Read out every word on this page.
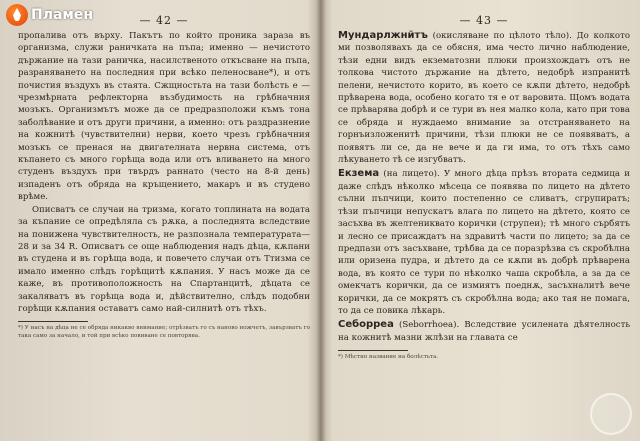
— 42 —

пропалива отъ върху. Пакътъ по който проника зараза въ организма, служи раничката на пъпа; именно — нечистото държание на тази раничка, насилственото откъсване на пъпа, разраняването на последния при всѣко пеленосване*), и отъ почистия въздухъ въ стаята. Сжщностьта на тази болѣсть е — чрезмѣрната рефлекторна възбудимость на грѣбначния мозъкъ. Организмътъ може да се предразположи къмъ тона заболѣвание и отъ други причини, а именно: отъ раздразнение на кожнитѣ (чувствителни) нерви, което чрезъ грѣбначния мозъкъ се пренася на двигателната нервна система, отъ къпането съ много горѣща вода или отъ вливането на много студенъ въздухъ при твърдъ раннато (често на 8-й день) изпаденъ отъ обряда на кръщението, макаръ и въ студено врѣме.

Описватъ се случаи на тризма, когато топлината на водата за къпание се опредѣляла съ рѫка, а последнята вследствие на понижена чувствителность, не разпознала температурата—28 и за 34 R. Описватъ се още наблюдения надъ дѣца, кѫпани въ студена и въ горѣща вода, и повечето случаи отъ Ттизма се имало именно слѣдъ горѣщитѣ кѫпания. У насъ може да се каже, въ противоположность на Спартанцитѣ, дѣцата се закаляватъ въ горѣща вода и, дѣйствително, слѣдъ подобни горѣщи кѫпания оставатъ само най-силнитѣ отъ тѣхъ.

*) У насъ на дѣца не се обряда никакво внимание; отрѣзватъ го съ наново ножчетъ, завързватъ го така само за начало, и той при всѣко повиване се повторява.
— 43 —

Мундарлжнйтъ (окисляване по цѣлото тѣло). До колкото ми позволявахъ да се обясня, има често лично наблюдение, тѣзи едни видъ екзематозни плюки произхождатъ отъ не толкова чистото държание на дѣтето, недобрѣ изпранитѣ пелени, нечистото корито, въ което се кѫпи дѣтето, недобрѣ прѣварена вода, особено когато тя е от варовита. Щомъ водата се прѣварява добрѣ и се тури въ нея малко кола, като при това се обряда и нуждаемо внимание за отстраняването на горнъизложенитѣ причини, тѣзи плюки не се появяватъ, а появятъ ли се, да не вече и да ги има, то отъ тѣхъ само лѣкуването тѣ се изгубватъ.

Екзема (на лицето). У много дѣца прѣзъ втората седмица и даже слѣдъ нѣколко мѣсеца се появява по лицето на дѣтето сълни пъпчици, които постепенно се сливатъ, сгрупиратъ; тѣзи пъпчици непускатъ влага по лицето на дѣтето, която се засъхва въ желтениквато корички (струпеи); тѣ много сърбятъ и лесно се присаждатъ на здравитѣ части по лицето; за да се предпази отъ засъхване, трѣбва да се поразрѣзва съ скробѣлна или оризена пудра, и дѣтето да се кѫпи въ добрѣ прѣварена вода, въ която се тури по нѣколко чаша скробѣла, а за да се омекчатъ корички, да се измиятъ поеднѫ, засъхналитѣ вече корички, да се мокрятъ съ скробѣлна вода; ако тая не помага, то да се повика лѣкарь.

Себорреа (Seborrhoea). Вследствие усилената дѣятелность на кожнитѣ мазни жлѣзи на главата се

*) Мѣстно название на болѣстьта.
Пламен
